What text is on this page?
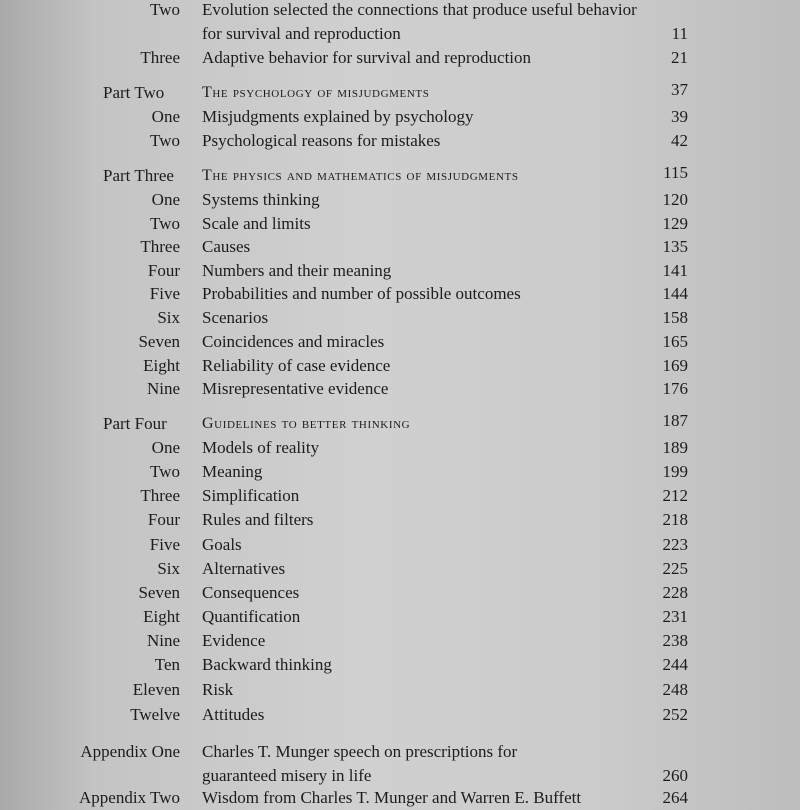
Two Evolution selected the connections that produce useful behavior
for survival and reproduction	11
Three Adaptive behavior for survival and reproduction	21
Part Two The psychology of misjudgments	37
One Misjudgments explained by psychology	39
Two Psychological reasons for mistakes	42
Part Three The physics and mathematics of misjudgments	115
One Systems thinking	120
Two Scale and limits	129
Three Causes	135
Four Numbers and their meaning	141
Five Probabilities and number of possible outcomes	144
Six Scenarios	158
Seven Coincidences and miracles	165
Eight Reliability of case evidence	169
Nine Misrepresentative evidence	176
Part Four Guidelines to better thinking	187
One Models of reality	189
Two Meaning	199
Three Simplification	212
Four Rules and filters	218
Five Goals	223
Six Alternatives	225
Seven Consequences	228
Eight Quantification	231
Nine Evidence	238
Ten Backward thinking	244
Eleven Risk	248
Twelve Attitudes	252
Appendix One Charles T. Munger speech on prescriptions for
guaranteed misery in life	260
Appendix Two Wisdom from Charles T. Munger and Warren E. Buffett	264
